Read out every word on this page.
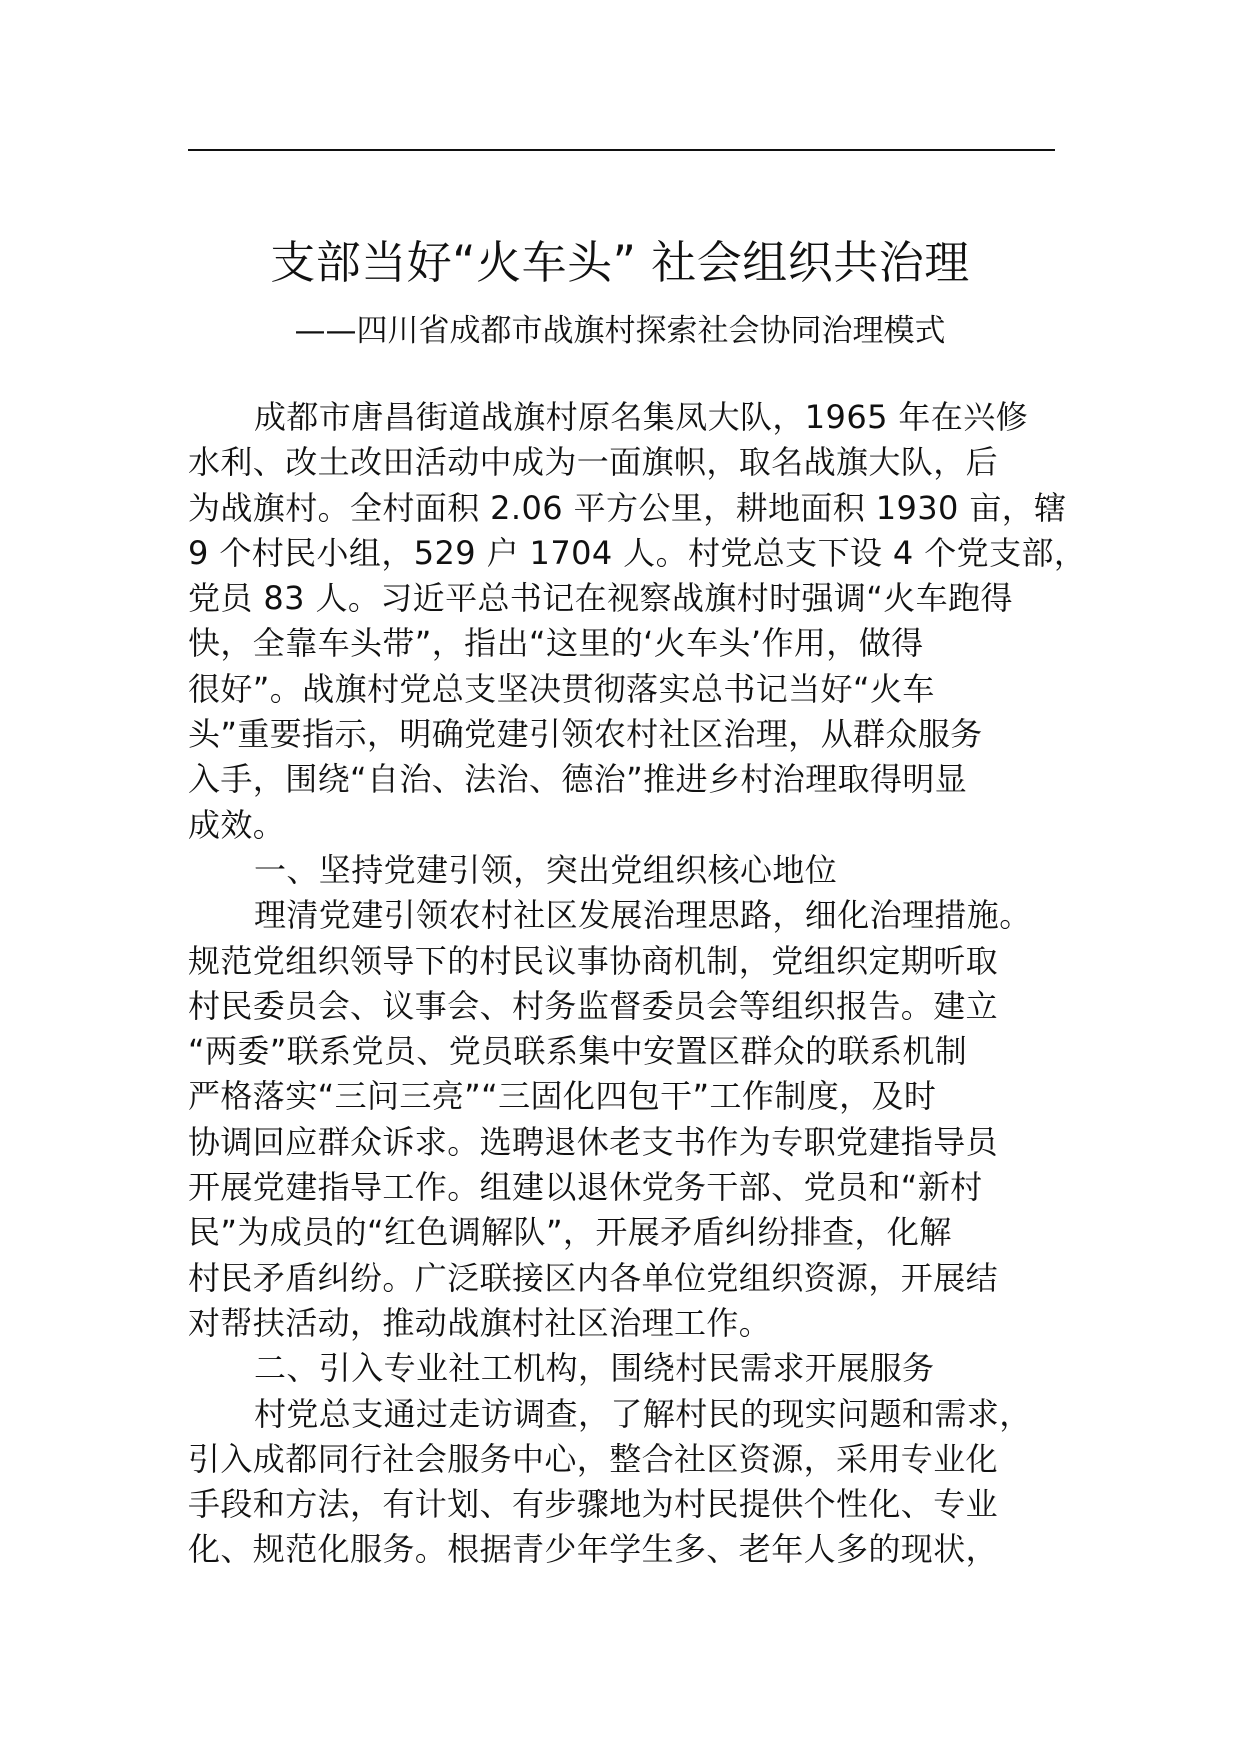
支部当好“火车头” 社会组织共治理
——四川省成都市战旗村探索社会协同治理模式
成都市唐昌街道战旗村原名集凤大队，1965 年在兴修
水利、改土改田活动中成为一面旗帜，取名战旗大队，后
为战旗村。全村面积 2.06 平方公里，耕地面积 1930 亩，辖
9 个村民小组，529 户 1704 人。村党总支下设 4 个党支部，
党员 83 人。习近平总书记在视察战旗村时强调“火车跑得
快，全靠车头带”，指出“这里的‘火车头’作用，做得
很好”。战旗村党总支坚决贯彻落实总书记当好“火车
头”重要指示，明确党建引领农村社区治理，从群众服务
入手，围绕“自治、法治、德治”推进乡村治理取得明显
成效。
一、坚持党建引领，突出党组织核心地位
理清党建引领农村社区发展治理思路，细化治理措施。
规范党组织领导下的村民议事协商机制，党组织定期听取
村民委员会、议事会、村务监督委员会等组织报告。建立
“两委”联系党员、党员联系集中安置区群众的联系机制
严格落实“三问三亮”“三固化四包干”工作制度，及时
协调回应群众诉求。选聘退休老支书作为专职党建指导员
开展党建指导工作。组建以退休党务干部、党员和“新村
民”为成员的“红色调解队”，开展矛盾纠纷排查，化解
村民矛盾纠纷。广泛联接区内各单位党组织资源，开展结
对帮扶活动，推动战旗村社区治理工作。
二、引入专业社工机构，围绕村民需求开展服务
村党总支通过走访调查，了解村民的现实问题和需求，
引入成都同行社会服务中心，整合社区资源，采用专业化
手段和方法，有计划、有步骤地为村民提供个性化、专业
化、规范化服务。根据青少年学生多、老年人多的现状，
